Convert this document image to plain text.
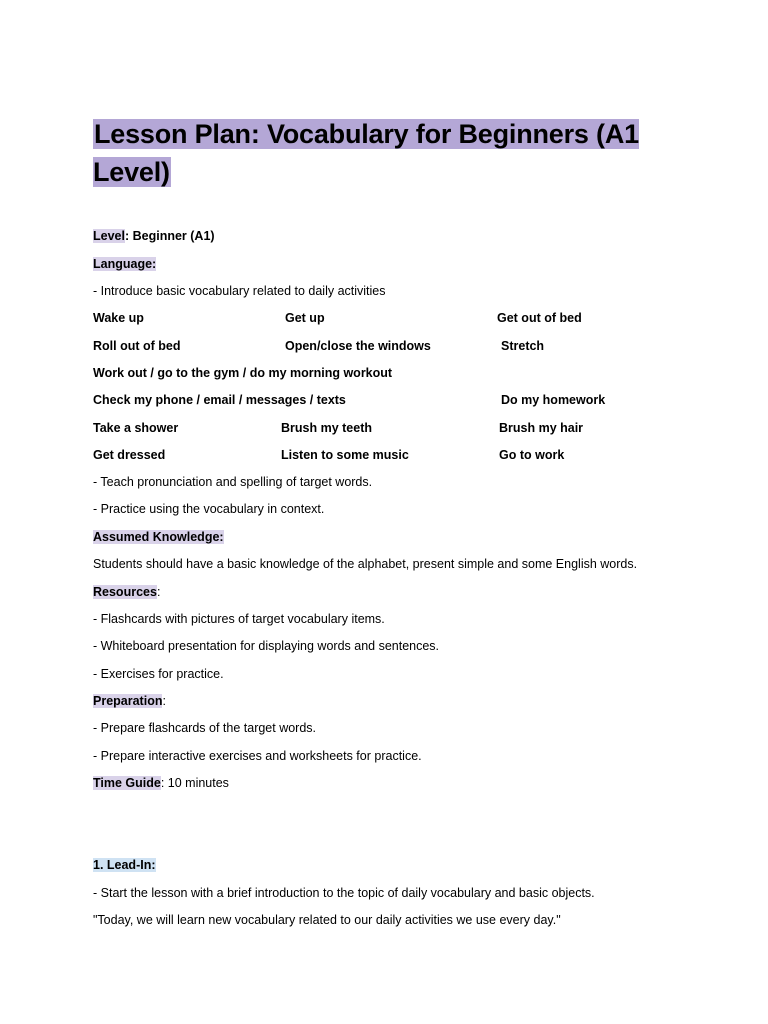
Lesson Plan: Vocabulary for Beginners (A1 Level)
Level: Beginner (A1)
Language:
- Introduce basic vocabulary related to daily activities
Wake up	Get up	Get out of bed
Roll out of bed	Open/close the windows	Stretch
Work out / go to the gym / do my morning workout
Check my phone / email / messages / texts	Do my homework
Take a shower	Brush my teeth	Brush my hair
Get dressed	Listen to some music	Go to work
- Teach pronunciation and spelling of target words.
- Practice using the vocabulary in context.
Assumed Knowledge:
Students should have a basic knowledge of the alphabet, present simple and some English words.
Resources:
- Flashcards with pictures of target vocabulary items.
- Whiteboard presentation for displaying words and sentences.
- Exercises for practice.
Preparation:
- Prepare flashcards of the target words.
- Prepare interactive exercises and worksheets for practice.
Time Guide: 10 minutes
1. Lead-In:
- Start the lesson with a brief introduction to the topic of daily vocabulary and basic objects.
"Today, we will learn new vocabulary related to our daily activities we use every day."
